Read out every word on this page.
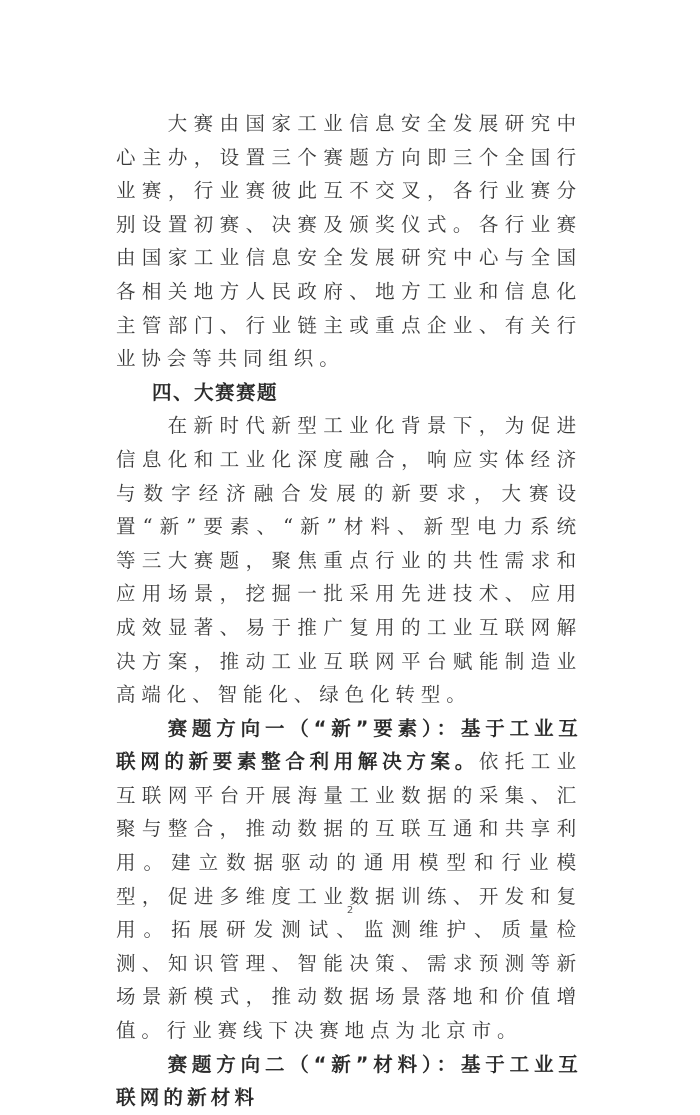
大赛由国家工业信息安全发展研究中心主办，设置三个赛题方向即三个全国行业赛，行业赛彼此互不交叉，各行业赛分别设置初赛、决赛及颁奖仪式。各行业赛由国家工业信息安全发展研究中心与全国各相关地方人民政府、地方工业和信息化主管部门、行业链主或重点企业、有关行业协会等共同组织。

四、大赛赛题

在新时代新型工业化背景下，为促进信息化和工业化深度融合，响应实体经济与数字经济融合发展的新要求，大赛设置“新”要素、“新”材料、新型电力系统等三大赛题，聚焦重点行业的共性需求和应用场景，挖掘一批采用先进技术、应用成效显著、易于推广复用的工业互联网解决方案，推动工业互联网平台赋能制造业高端化、智能化、绿色化转型。

赛题方向一（“新”要素）：基于工业互联网的新要素整合利用解决方案。依托工业互联网平台开展海量工业数据的采集、汇聚与整合，推动数据的互联互通和共享利用。建立数据驱动的通用模型和行业模型，促进多维度工业数据训练、开发和复用。拓展研发测试、监测维护、质量检测、知识管理、智能决策、需求预测等新场景新模式，推动数据场景落地和价值增值。行业赛线下决赛地点为北京市。

赛题方向二（“新”材料）：基于工业互联网的新材料

2
